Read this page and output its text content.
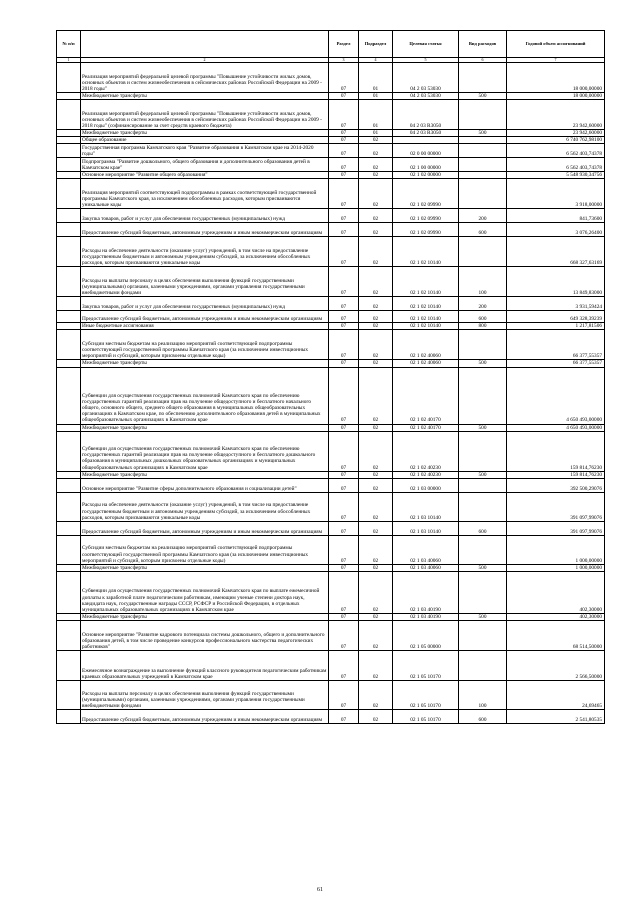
№ п/п		Раздел	Подраздел	Целевая статья	Вид расходов	Годовой объем ассигнований
1	2	3	4	5	6	7
	Реализация мероприятий федеральной целевой программы "Повышение устойчивости жилых домов, основных объектов и систем жизнеобеспечения в сейсмических районах Российской Федерации на 2009 - 2018 годы"	07	01	04 2 03 53030		18 000,00000
	Межбюджетные трансферты	07	01	04 2 03 53030	500	18 000,00000
	Реализация мероприятий федеральной целевой программы "Повышение устойчивости жилых домов, основных объектов и систем жизнеобеспечения в сейсмических районах Российской Федерации на 2009 - 2018 годы" (софинансирование за счет средств краевого бюджета)	07	01	04 2 03 R3050		23 942,60000
	Межбюджетные трансферты	07	01	04 2 03 R3050	500	23 942,60000
	Общее образование	07	02			6 740 762,98100
	Государственная программа Камчатского края "Развитие образования в Камчатском крае на 2014-2020 годы"	07	02	02 0 00 00000		6 562 403,74378
	Подпрограмма "Развитие дошкольного, общего образования и дополнительного образования детей в Камчатском крае"	07	02	02 1 00 00000		6 562 403,74378
	Основное мероприятие "Развитие общего образования"	07	02	02 1 02 00000		5 548 930,34756
	Реализация мероприятий соответствующей подпрограммы в рамках соответствующей государственной программы Камчатского края, за исключением обособленных расходов, которым присваиваются уникальные коды	07	02	02 1 02 09990		3 918,00000
	Закупка товаров, работ и услуг для обеспечения государственных (муниципальных) нужд	07	02	02 1 02 09990	200	841,73600
	Предоставление субсидий бюджетным, автономным учреждениям и иным некоммерческим организациям	07	02	02 1 02 09990	600	3 076,26400
	Расходы на обеспечение деятельности (оказание услуг) учреждений, в том числе на предоставление государственным бюджетным и автономным учреждениям субсидий, за исключением обособленных расходов, которым присваиваются уникальные коды	07	02	02 1 02 10140		668 327,63169
	Расходы на выплаты персоналу в целях обеспечения выполнения функций государственными (муниципальными) органами, казенными учреждениями, органами управления государственными внебюджетными фондами	07	02	02 1 02 10140	100	13 849,83000
	Закупка товаров, работ и услуг для обеспечения государственных (муниципальных) нужд	07	02	02 1 02 10140	200	3 931,59424
	Предоставление субсидий бюджетным, автономным учреждениям и иным некоммерческим организациям	07	02	02 1 02 10140	600	649 328,39239
	Иные бюджетные ассигнования	07	02	02 1 02 10140	800	1 217,81506
	Субсидии местным бюджетам на реализацию мероприятий соответствующей подпрограммы соответствующей государственной программы Камчатского края (за исключением инвестиционных мероприятий и субсидий, которым присвоены отдельные коды)	07	02	02 1 02 40060		66 377,55357
	Межбюджетные трансферты	07	02	02 1 02 40060	500	66 377,55357
	Субвенции для осуществления государственных полномочий Камчатского края по обеспечению государственных гарантий реализации прав на получение общедоступного и бесплатного начального общего, основного общего, среднего общего образования в муниципальных общеобразовательных организациях в Камчатском крае, по обеспечению дополнительного образования детей в муниципальных общеобразовательных организациях в Камчатском крае	07	02	02 1 02 40170		4 650 493,00000
	Межбюджетные трансферты	07	02	02 1 02 40170	500	4 650 493,00000
	Субвенции для осуществления государственных полномочий Камчатского края по обеспечению государственных гарантий реализации прав на получение общедоступного и бесплатного дошкольного образования в муниципальных дошкольных образовательных организациях и муниципальных общеобразовательных организациях в Камчатском крае	07	02	02 1 02 40230		159 814,76230
	Межбюджетные трансферты	07	02	02 1 02 40230	500	159 814,76230
	Основное мероприятие "Развитие сферы дополнительного образования и социализации детей"	07	02	02 1 03 00000		392 500,29076
	Расходы на обеспечение деятельности (оказание услуг) учреждений, в том числе на предоставление государственным бюджетным и автономным учреждениям субсидий, за исключением обособленных расходов, которым присваиваются уникальные коды	07	02	02 1 03 10140		391 097,99076
	Предоставление субсидий бюджетным, автономным учреждениям и иным некоммерческим организациям	07	02	02 1 03 10140	600	391 097,99076
	Субсидии местным бюджетам на реализацию мероприятий соответствующей подпрограммы соответствующей государственной программы Камчатского края (за исключением инвестиционных мероприятий и субсидий, которым присвоены отдельные коды)	07	02	02 1 03 40060		1 000,00000
	Межбюджетные трансферты	07	02	02 1 03 40060	500	1 000,00000
	Субвенции для осуществления государственных полномочий Камчатского края по выплате ежемесячной доплаты к заработной плате педагогическим работникам, имеющим ученые степени доктора наук, кандидата наук, государственные награды СССР, РСФСР и Российской Федерации, в отдельных муниципальных образовательных организациях в Камчатском крае	07	02	02 1 03 40190		402,30000
	Межбюджетные трансферты	07	02	02 1 03 40190	500	402,30000
	Основное мероприятие "Развитие кадрового потенциала системы дошкольного, общего и дополнительного образования детей, в том числе проведение конкурсов профессионального мастерства педагогических работников"	07	02	02 1 05 00000		68 514,50000
	Ежемесячное вознаграждение за выполнение функций классного руководителя педагогическим работникам краевых образовательных учреждений в Камчатском крае	07	02	02 1 05 10170		2 566,50000
	Расходы на выплаты персоналу в целях обеспечения выполнения функций государственными (муниципальными) органами, казенными учреждениями, органами управления государственными внебюджетными фондами	07	02	02 1 05 10170	100	24,69465
	Предоставление субсидий бюджетным, автономным учреждениям и иным некоммерческим организациям	07	02	02 1 05 10170	600	2 541,80535
61
